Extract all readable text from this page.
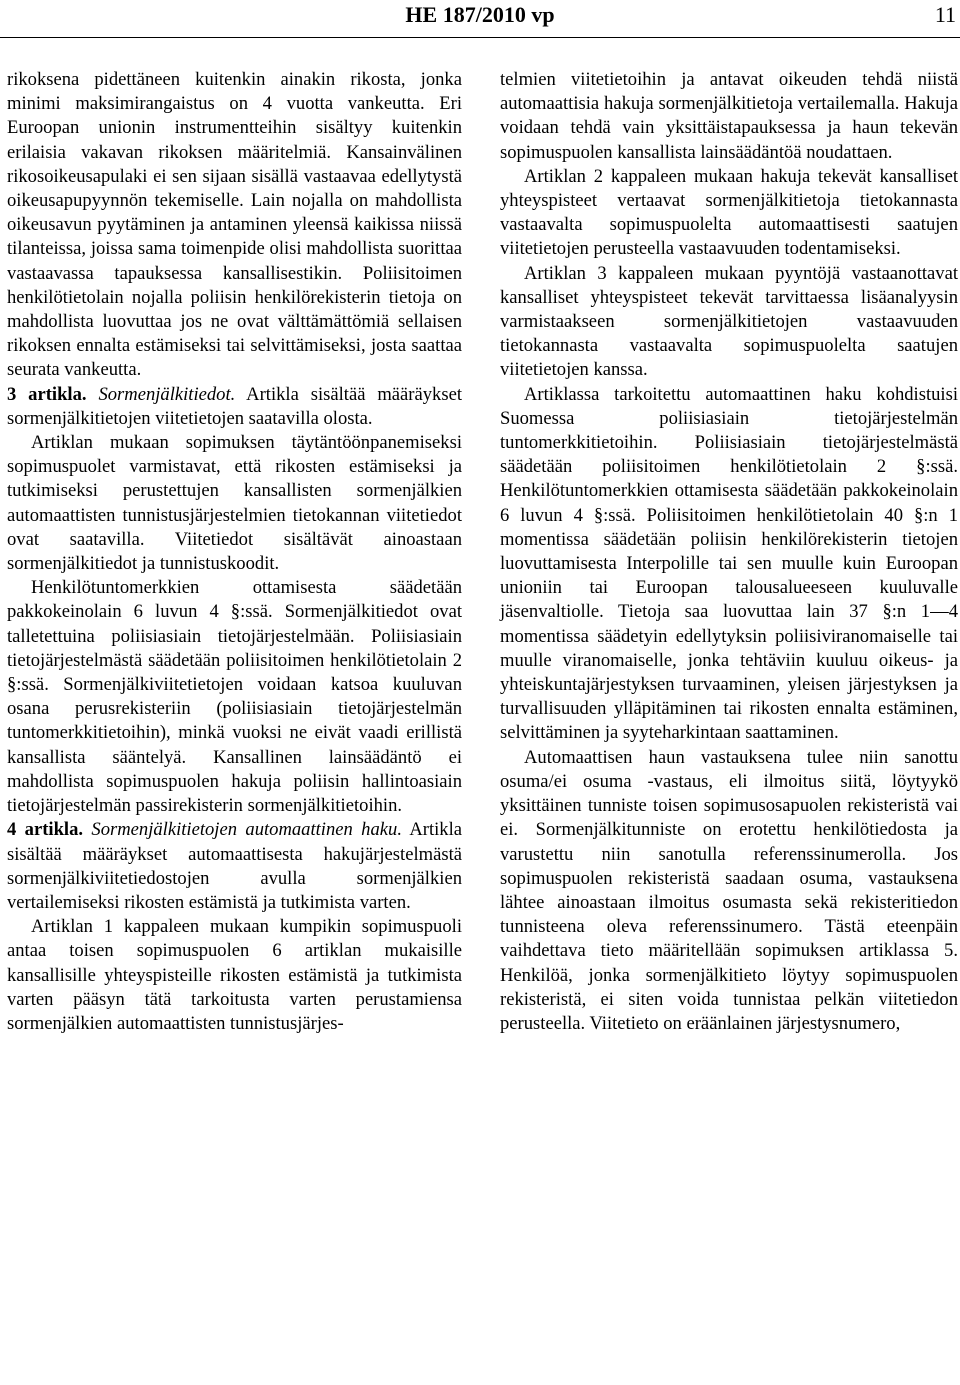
HE 187/2010 vp	11

rikoksena pidettäneen kuitenkin ainakin rikosta, jonka minimi maksimirangaistus on 4 vuotta vankeutta. Eri Euroopan unionin instrumentteihin sisältyy kuitenkin erilaisia vakavan rikoksen määritelmiä. Kansainvälinen rikosoikeusapulaki ei sen sijaan sisällä vastaavaa edellytystä oikeusapupyynnön tekemiselle. Lain nojalla on mahdollista oikeusavun pyytäminen ja antaminen yleensä kaikissa niissä tilanteissa, joissa sama toimenpide olisi mahdollista suorittaa vastaavassa tapauksessa kansallisestikin. Poliisitoimen henkilötietolain nojalla poliisin henkilörekisterin tietoja on mahdollista luovuttaa jos ne ovat välttämättömiä sellaisen rikoksen ennalta estämiseksi tai selvittämiseksi, josta saattaa seurata vankeutta.

3 artikla. Sormenjälkitiedot. Artikla sisältää määräykset sormenjälkitietojen viitetietojen saatavilla olosta.

Artiklan mukaan sopimuksen täytäntöönpanemiseksi sopimuspuolet varmistavat, että rikosten estämiseksi ja tutkimiseksi perustettujen kansallisten sormenjälkien automaattisten tunnistusjärjestelmien tietokannan viitetiedot ovat saatavilla. Viitetiedot sisältävät ainoastaan sormenjälkitiedot ja tunnistuskoodit.

Henkilötuntomerkkien ottamisesta säädetään pakkokeinolain 6 luvun 4 §:ssä. Sormenjälkitiedot ovat talletettuina poliisiasiain tietojärjestelmään. Poliisiasiain tietojärjestelmästä säädetään poliisitoimen henkilötietolain 2 §:ssä. Sormenjälkiviitetietojen voidaan katsoa kuuluvan osana perusrekisteriin (poliisiasiain tietojärjestelmän tuntomerkkitietoihin), minkä vuoksi ne eivät vaadi erillistä kansallista sääntelyä. Kansallinen lainsäädäntö ei mahdollista sopimuspuolen hakuja poliisin hallintoasiain tietojärjestelmän passirekisterin sormenjälkitietoihin.

4 artikla. Sormenjälkitietojen automaattinen haku. Artikla sisältää määräykset automaattisesta hakujärjestelmästä sormenjälkiviitetiedostojen avulla sormenjälkien vertailemiseksi rikosten estämistä ja tutkimista varten.

Artiklan 1 kappaleen mukaan kumpikin sopimuspuoli antaa toisen sopimuspuolen 6 artiklan mukaisille kansallisille yhteyspisteille rikosten estämistä ja tutkimista varten pääsyn tätä tarkoitusta varten perustamiensa sormenjälkien automaattisten tunnistusjärjes-

telmien viitetietoihin ja antavat oikeuden tehdä niistä automaattisia hakuja sormenjälkitietoja vertailemalla. Hakuja voidaan tehdä vain yksittäistapauksessa ja haun tekevän sopimuspuolen kansallista lainsäädäntöä noudattaen.

Artiklan 2 kappaleen mukaan hakuja tekevät kansalliset yhteyspisteet vertaavat sormenjälkitietoja tietokannasta vastaavalta sopimuspuolelta automaattisesti saatujen viitetietojen perusteella vastaavuuden todentamiseksi.

Artiklan 3 kappaleen mukaan pyyntöjä vastaanottavat kansalliset yhteyspisteet tekevät tarvittaessa lisäanalyysin varmistaakseen sormenjälkitietojen vastaavuuden tietokannasta vastaavalta sopimuspuolelta saatujen viitetietojen kanssa.

Artiklassa tarkoitettu automaattinen haku kohdistuisi Suomessa poliisiasiain tietojärjestelmän tuntomerkkitietoihin. Poliisiasiain tietojärjestelmästä säädetään poliisitoimen henkilötietolain 2 §:ssä. Henkilötuntomerkkien ottamisesta säädetään pakkokeinolain 6 luvun 4 §:ssä. Poliisitoimen henkilötietolain 40 §:n 1 momentissa säädetään poliisin henkilörekisterin tietojen luovuttamisesta Interpolille tai sen muulle kuin Euroopan unioniin tai Euroopan talousalueeseen kuuluvalle jäsenvaltiolle. Tietoja saa luovuttaa lain 37 §:n 1—4 momentissa säädetyin edellytyksin poliisiviranomaiselle tai muulle viranomaiselle, jonka tehtäviin kuuluu oikeus- ja yhteiskuntajärjestyksen turvaaminen, yleisen järjestyksen ja turvallisuuden ylläpitäminen tai rikosten ennalta estäminen, selvittäminen ja syyteharkintaan saattaminen.

Automaattisen haun vastauksena tulee niin sanottu osuma/ei osuma -vastaus, eli ilmoitus siitä, löytyykö yksittäinen tunniste toisen sopimusosapuolen rekisteristä vai ei. Sormenjälkitunniste on erotettu henkilötiedosta ja varustettu niin sanotulla referenssinumerolla. Jos sopimuspuolen rekisteristä saadaan osuma, vastauksena lähtee ainoastaan ilmoitus osumasta sekä rekisteritiedon tunnisteena oleva referenssinumero. Tästä eteenpäin vaihdettava tieto määritellään sopimuksen artiklassa 5. Henkilöä, jonka sormenjälkitieto löytyy sopimuspuolen rekisteristä, ei siten voida tunnistaa pelkän viitetiedon perusteella. Viitetieto on eräänlainen järjestysnumero,
